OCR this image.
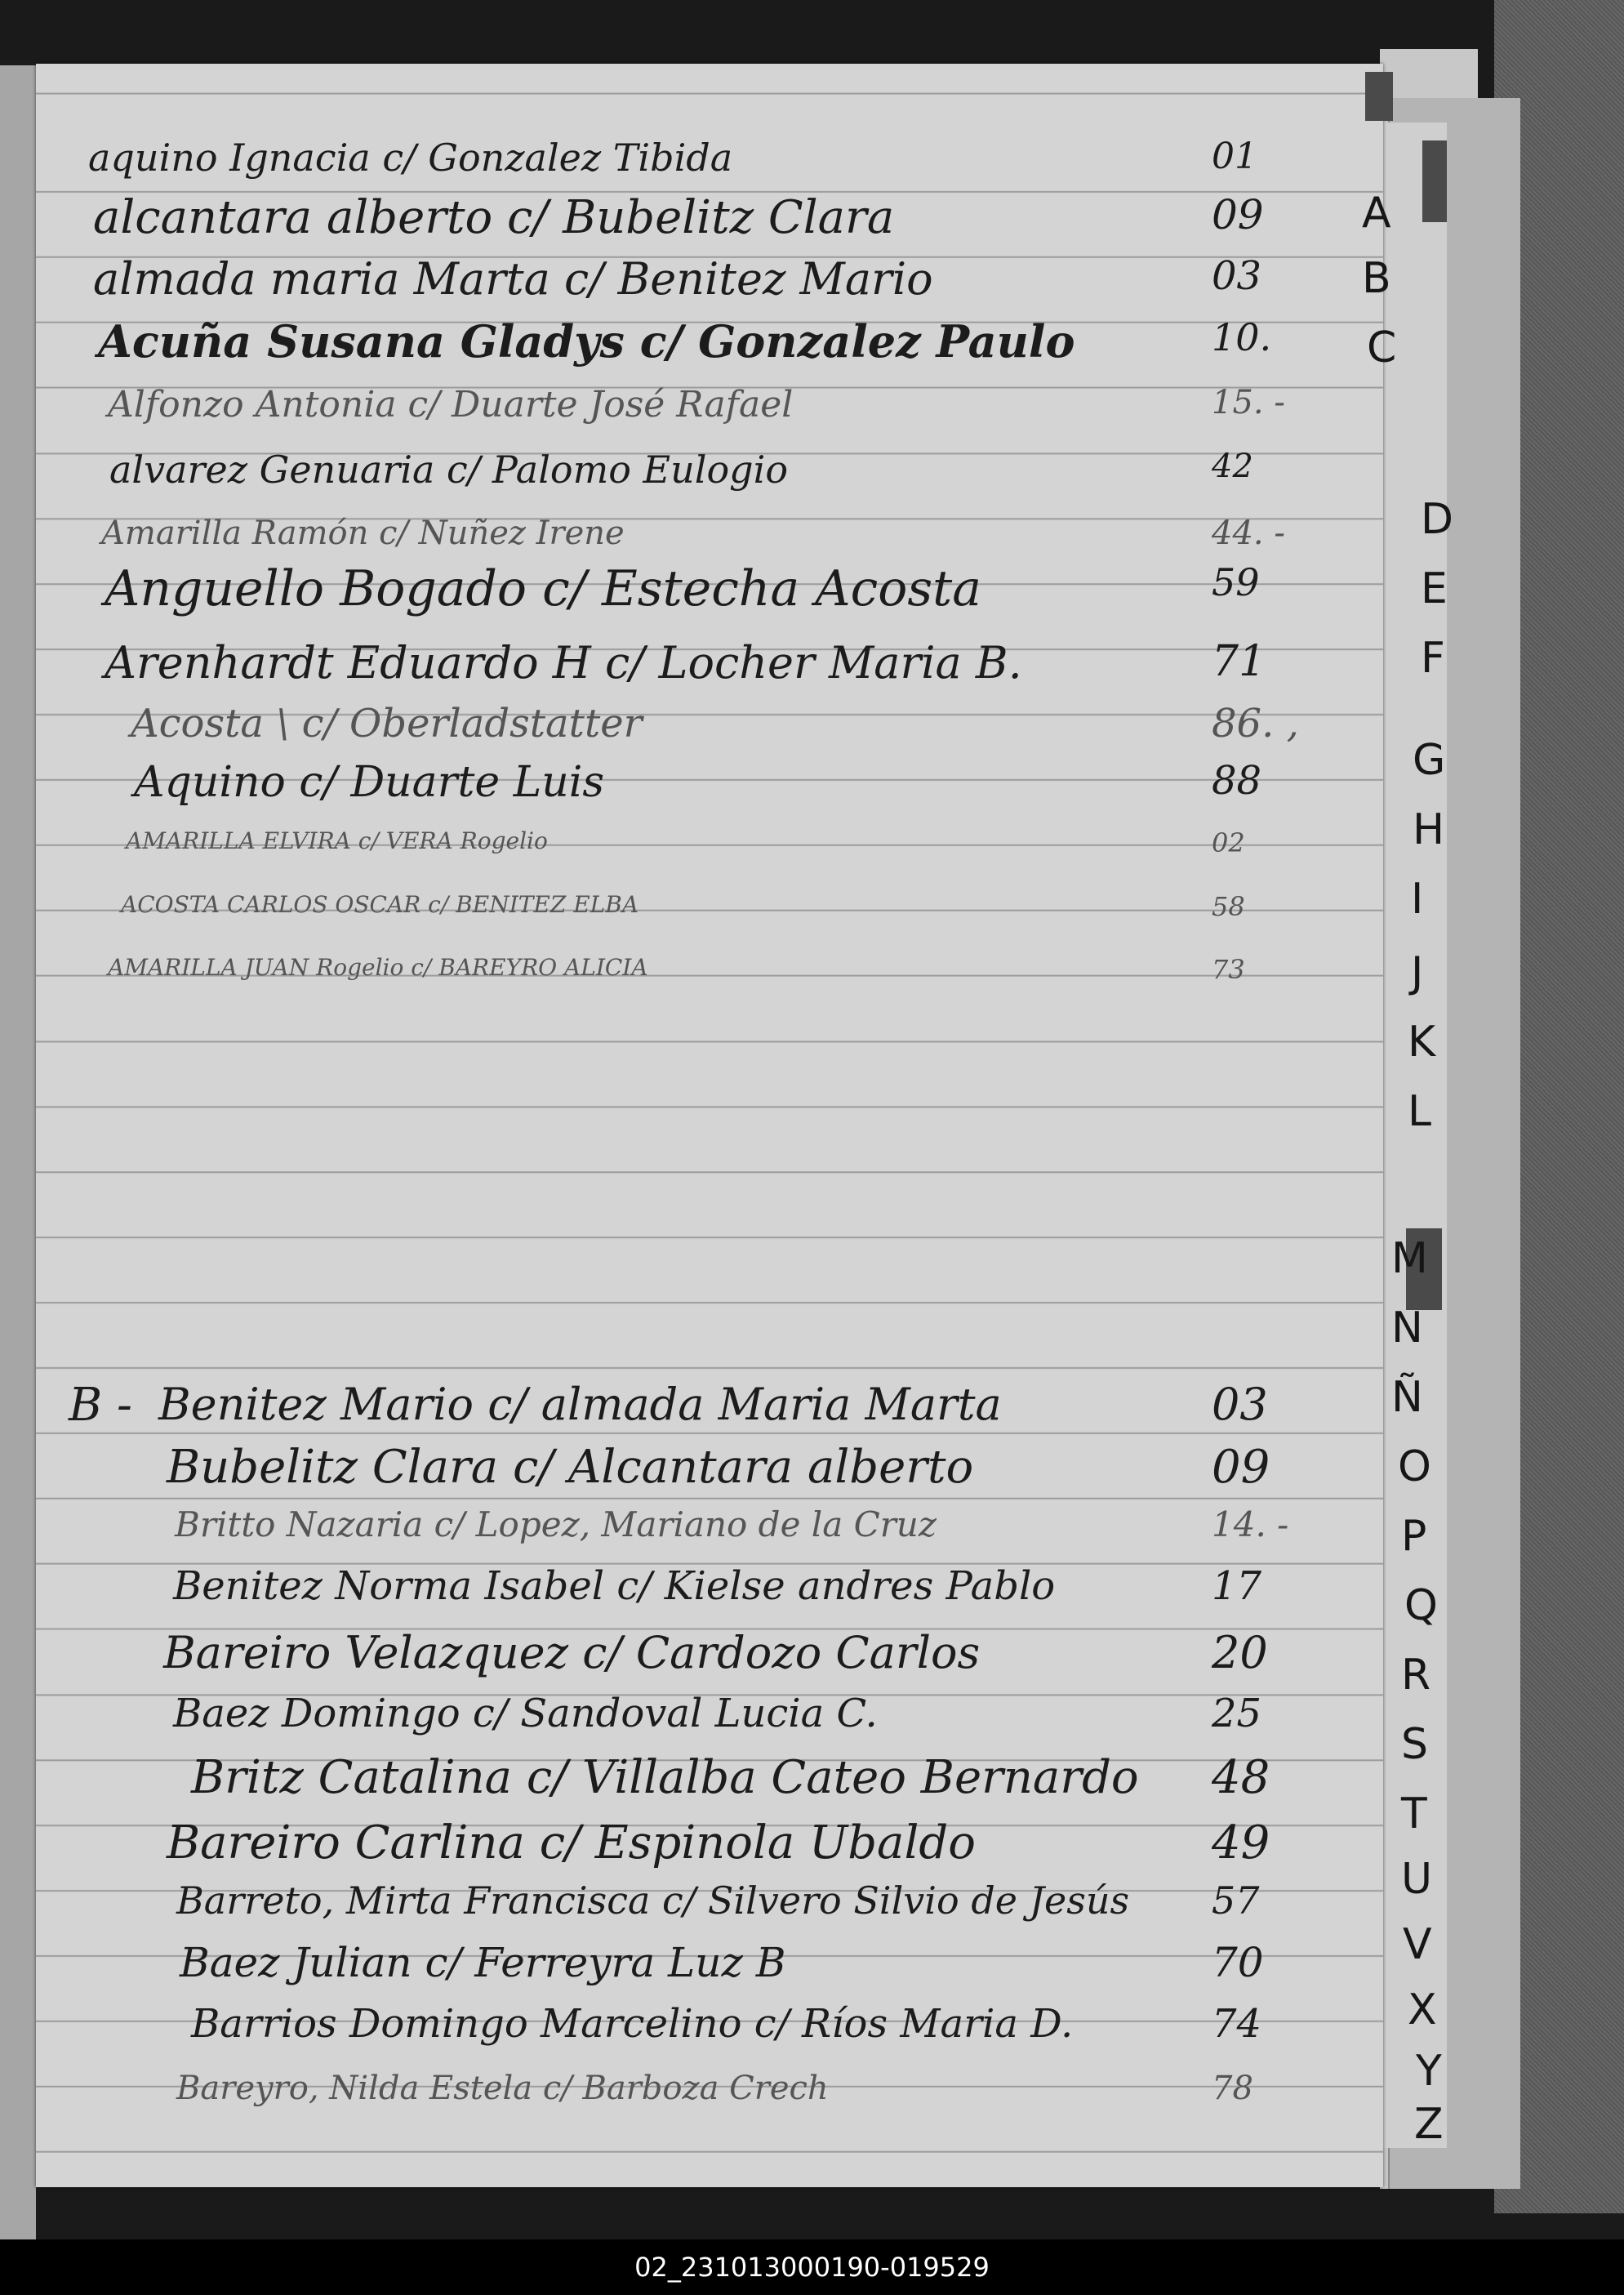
aquino Ignacia c/ Gonzalez Tibida	01
alcantara alberto c/ Bubelitz Clara	09
almada maria Marta c/ Benitez Mario	03
Acuña Susana Gladys c/ Gonzalez Paulo	10.
Alfonzo Antonia c/ Duarte José Rafael	15. -
alvarez Genuaria c/ Palomo Eulogio	42
Amarilla Ramón c/ Nuñez Irene	44. -
Anguello Bogado c/ Estecha Acosta	59
Arenhardt Eduardo H c/ Locher Maria B.	71
Acosta \ c/ Oberladstatter	86. ,
Aquino c/ Duarte Luis	88
AMARILLA ELVIRA c/ VERA Rogelio	02
ACOSTA CARLOS OSCAR c/ BENITEZ ELBA	58
AMARILLA JUAN Rogelio c/ BAREYRO ALICIA	73
B - Benitez Mario c/ almada Maria Marta	03
Bubelitz Clara c/ Alcantara alberto	09
Britto Nazaria c/ Lopez, Mariano de la Cruz	14. -
Benitez Norma Isabel c/ Kielse andres Pablo	17
Bareiro Velazquez c/ Cardozo Carlos	20
Baez Domingo c/ Sandoval Lucia C.	25
Britz Catalina c/ Villalba Cateo Bernardo 48
Bareiro Carlina c/ Espinola Ubaldo	49
Barreto, Mirta Francisca c/ Silvero Silvio de Jesús 57
Baez Julian c/ Ferreyra Luz B	70
Barrios Domingo Marcelino c/ Ríos Maria D.	74
Bareyro, Nilda Estela c/ Barboza Crech	78
A
B
C
D
E
F
G
H
I
J
K
L
M
N
Ñ
O
P
Q
R
S
T
U
V
X
Y
Z
02_231013000190-019529
